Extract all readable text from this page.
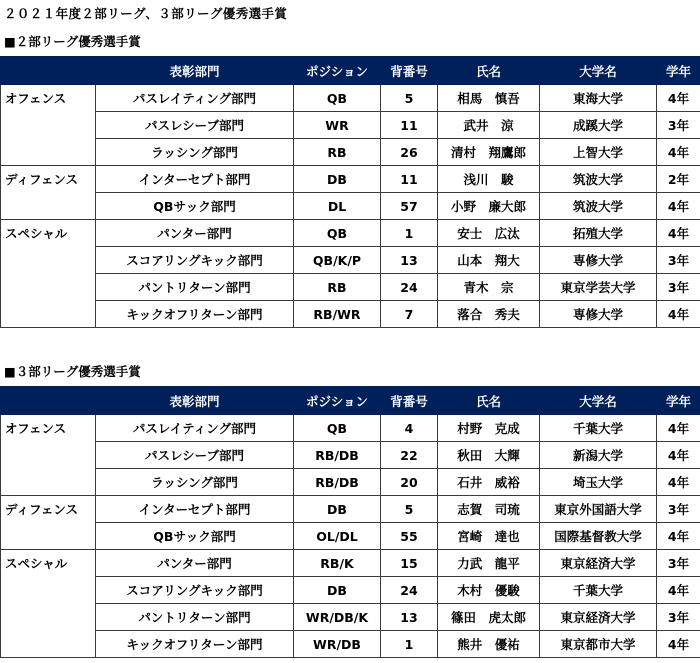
２０２１年度２部リーグ、３部リーグ優秀選手賞
■２部リーグ優秀選手賞
	表彰部門	ポジション	背番号	氏名	大学名	学年
オフェンス	パスレイティング部門	QB	5	相馬　慎吾	東海大学	4年
	パスレシーブ部門	WR	11	武井　涼	成蹊大学	3年
	ラッシング部門	RB	26	清村　翔鷹郎	上智大学	4年
ディフェンス	インターセプト部門	DB	11	浅川　駿	筑波大学	2年
	QBサック部門	DL	57	小野　廉大郎	筑波大学	4年
スペシャル	パンター部門	QB	1	安士　広汰	拓殖大学	4年
	スコアリングキック部門	QB/K/P	13	山本　翔大	専修大学	3年
	パントリターン部門	RB	24	青木　宗	東京学芸大学	3年
	キックオフリターン部門	RB/WR	7	落合　秀夫	専修大学	4年
■３部リーグ優秀選手賞
	表彰部門	ポジション	背番号	氏名	大学名	学年
オフェンス	パスレイティング部門	QB	4	村野　克成	千葉大学	4年
	パスレシーブ部門	RB/DB	22	秋田　大輝	新潟大学	4年
	ラッシング部門	RB/DB	20	石井　威裕	埼玉大学	4年
ディフェンス	インターセプト部門	DB	5	志賀　司琉	東京外国語大学	3年
	QBサック部門	OL/DL	55	宮崎　達也	国際基督教大学	4年
スペシャル	パンター部門	RB/K	15	力武　龍平	東京経済大学	3年
	スコアリングキック部門	DB	24	木村　優駿	千葉大学	4年
	パントリターン部門	WR/DB/K	13	篠田　虎太郎	東京経済大学	3年
	キックオフリターン部門	WR/DB	1	熊井　優祐	東京都市大学	4年
